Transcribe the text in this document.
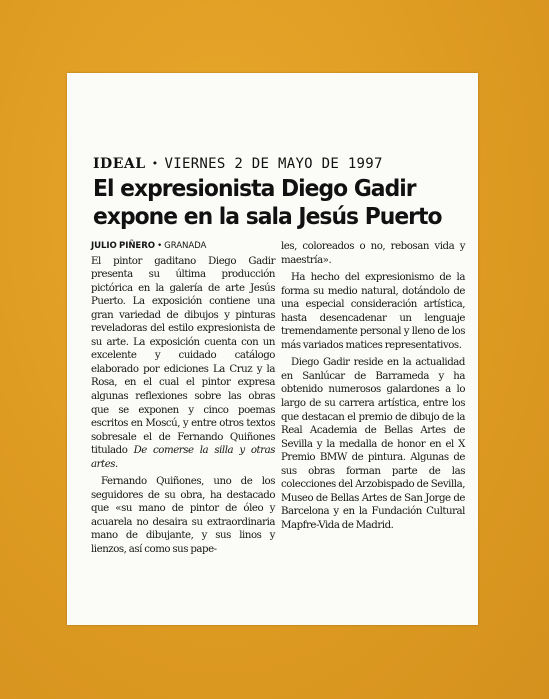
IDEAL • VIERNES 2 DE MAYO DE 1997
El expresionista Diego Gadir
expone en la sala Jesús Puerto
JULIO PIÑERO • GRANADA

El pintor gaditano Diego Gadir presenta su última producción pictórica en la galería de arte Jesús Puerto. La exposición contiene una gran variedad de dibujos y pinturas reveladoras del estilo expresionista de su arte. La exposición cuenta con un excelente y cuidado catálogo elaborado por ediciones La Cruz y la Rosa, en el cual el pintor expresa algunas reflexiones sobre las obras que se exponen y cinco poemas escritos en Moscú, y entre otros textos sobresale el de Fernando Quiñones titulado De comerse la silla y otras artes.

Fernando Quiñones, uno de los seguidores de su obra, ha destacado que «su mano de pintor de óleo y acuarela no desaira su extraordinaria mano de dibujante, y sus linos y lienzos, así como sus pape-

les, coloreados o no, rebosan vida y maestría».

Ha hecho del expresionismo de la forma su medio natural, dotándolo de una especial consideración artística, hasta desencadenar un lenguaje tremendamente personal y lleno de los más variados matices representativos.

Diego Gadir reside en la actualidad en Sanlúcar de Barrameda y ha obtenido numerosos galardones a lo largo de su carrera artística, entre los que destacan el premio de dibujo de la Real Academia de Bellas Artes de Sevilla y la medalla de honor en el X Premio BMW de pintura. Algunas de sus obras forman parte de las colecciones del Arzobispado de Sevilla, Museo de Bellas Artes de San Jorge de Barcelona y en la Fundación Cultural Mapfre-Vida de Madrid.
